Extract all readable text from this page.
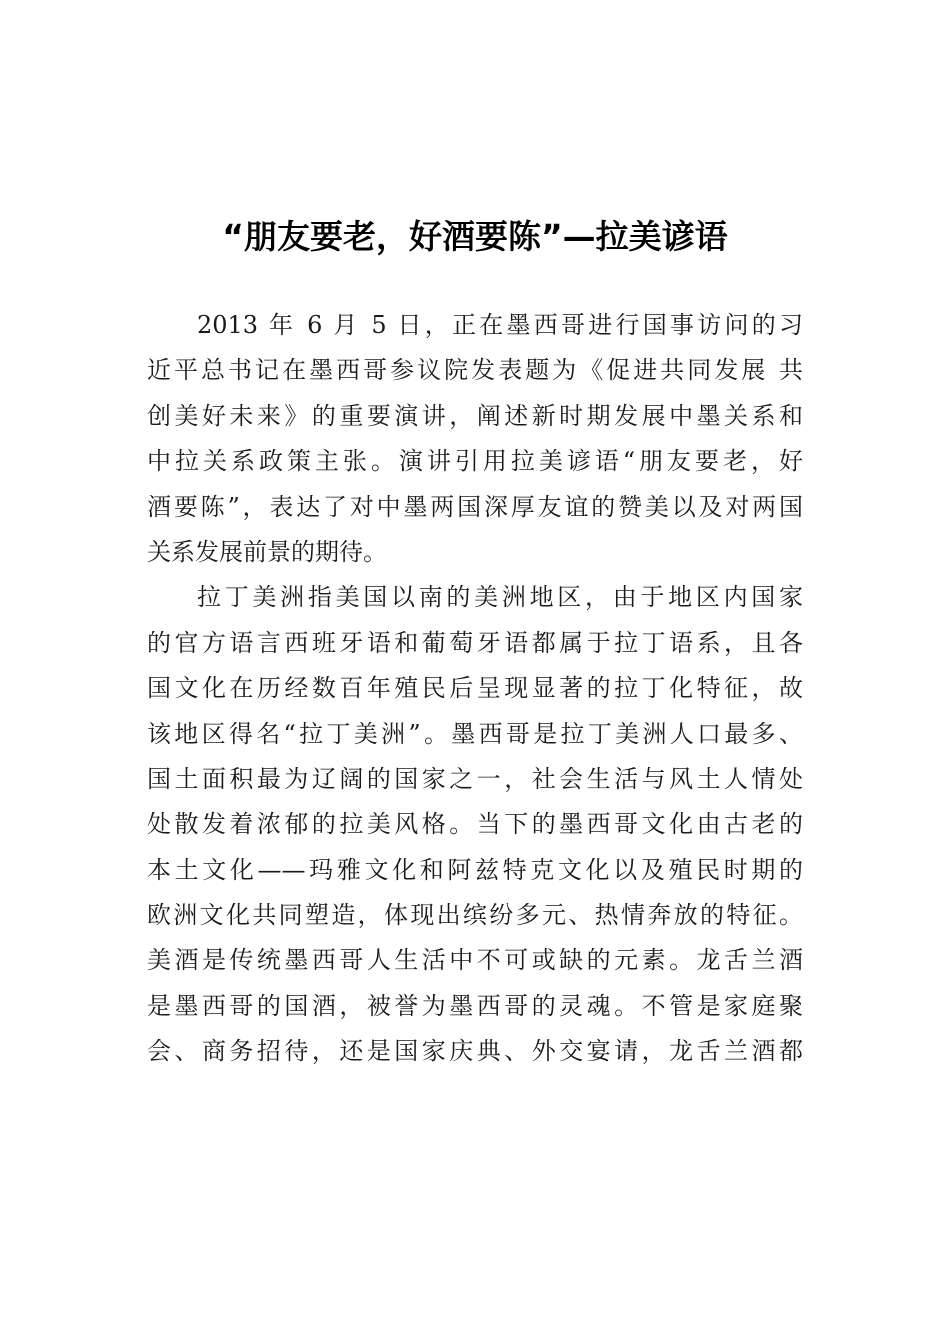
“朋友要老，好酒要陈”—拉美谚语
2013 年 6 月 5 日，正在墨西哥进行国事访问的习
近平总书记在墨西哥参议院发表题为《促进共同发展 共
创美好未来》的重要演讲，阐述新时期发展中墨关系和
中拉关系政策主张。演讲引用拉美谚语“朋友要老，好
酒要陈”，表达了对中墨两国深厚友谊的赞美以及对两国
关系发展前景的期待。
拉丁美洲指美国以南的美洲地区，由于地区内国家
的官方语言西班牙语和葡萄牙语都属于拉丁语系，且各
国文化在历经数百年殖民后呈现显著的拉丁化特征，故
该地区得名“拉丁美洲”。墨西哥是拉丁美洲人口最多、
国土面积最为辽阔的国家之一，社会生活与风土人情处
处散发着浓郁的拉美风格。当下的墨西哥文化由古老的
本土文化——玛雅文化和阿兹特克文化以及殖民时期的
欧洲文化共同塑造，体现出缤纷多元、热情奔放的特征。
美酒是传统墨西哥人生活中不可或缺的元素。龙舌兰酒
是墨西哥的国酒，被誉为墨西哥的灵魂。不管是家庭聚
会、商务招待，还是国家庆典、外交宴请，龙舌兰酒都
